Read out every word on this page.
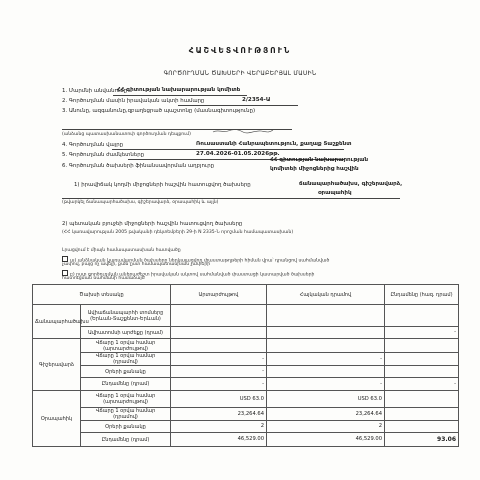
ՀԱՇՎԵՏՎՈՒԹՅՈՒՆ
ԳՈՐԾՈՒՂՄԱՆ ԾԱԽՍԵՐԻ ՎԵՐԱԲԵՐՅԱԼ ՄԱՍԻՆ
1. Մարմնի անվանումը
ՀՀ գիտության նախարարության կոմիտե
2. Գործուղման մասին իրավական ակտի համարը	2/2354-Ա
3. Անունը, ազգանունը,զբաղեցրած պաշտոնը (մասնագիտությունը)
(անձանց պատասխանատուի գործուղման դեպքում)
4. Գործուղման վայրը	Ռուսաստանի Հանրապետություն, քաղաք Տաշքենտ
5. Գործուղման ժամկետները	27.04.2026-01.05.2026թթ.
6. Գործուղման ծախսերի ֆինանսավորման աղբյուրը
ՀՀ գիտության նախարարության
կոմիտեի միջոցներից հաշվին
1) իրավիճակ կողմի միջոցների հաշվին հատուցվող ծախսերը	ճանապարհածախս, գիշերավարձ,
օրապահիկ
(թվարկել ճանապարհածախս, գիշերավարձ, օրապահիկ և այլն)
2) պետական բյուջեի միջոցների հաշվին հատուցվող ծախսերը
(ՀՀ կառավարության 2005 թվականի դեկտեմբերի 29-ի N 2335-Ն որոշման համապատասխան)
Լրացվում է միայն համապատասխան հատվածը
ա) անձնական կառավարման ծախսերը ներկայացվող փաստաթղթերի հիման վրա՝ դրանցով սահմանված
չափով, բայց ոչ ավելի, քան ըստ համապատասխան չափերի
բ) ըստ գործուղման անհրաժեշտ իրավական ակտով սահմանված փաստացի կատարված ծախսերի
հատուցման սահմանի համաձայն
Ծախսի տեսակը		Արտարժույթով	Հայկական դրամով	Ընդամենը (հազ. դրամ)
Ճանապարհածախս	Ավիաճանապարհի տոմսերը (Երևան-Տաշքենտ-Երևան)			
	Ավիատոմսի արժեքը (դրամ)			-
Գիշերավարձ	Վճարը 1 օրվա համար (արտարժույթով)			
	Վճարը 1 օրվա համար (դրամով)	-	-	
	Օրերի քանակը	-		
	Ընդամենը (դրամ)	-	-	-
Օրապահիկ	Վճարը 1 օրվա համար (արտարժույթով)	USD 63.0	USD 63.0	
	Վճարը 1 օրվա համար (դրամով)	23,264.64	23,264.64	
	Օրերի քանակը	2	2	
	Ընդամենը (դրամ)	46,529.00	46,529.00	93.06
